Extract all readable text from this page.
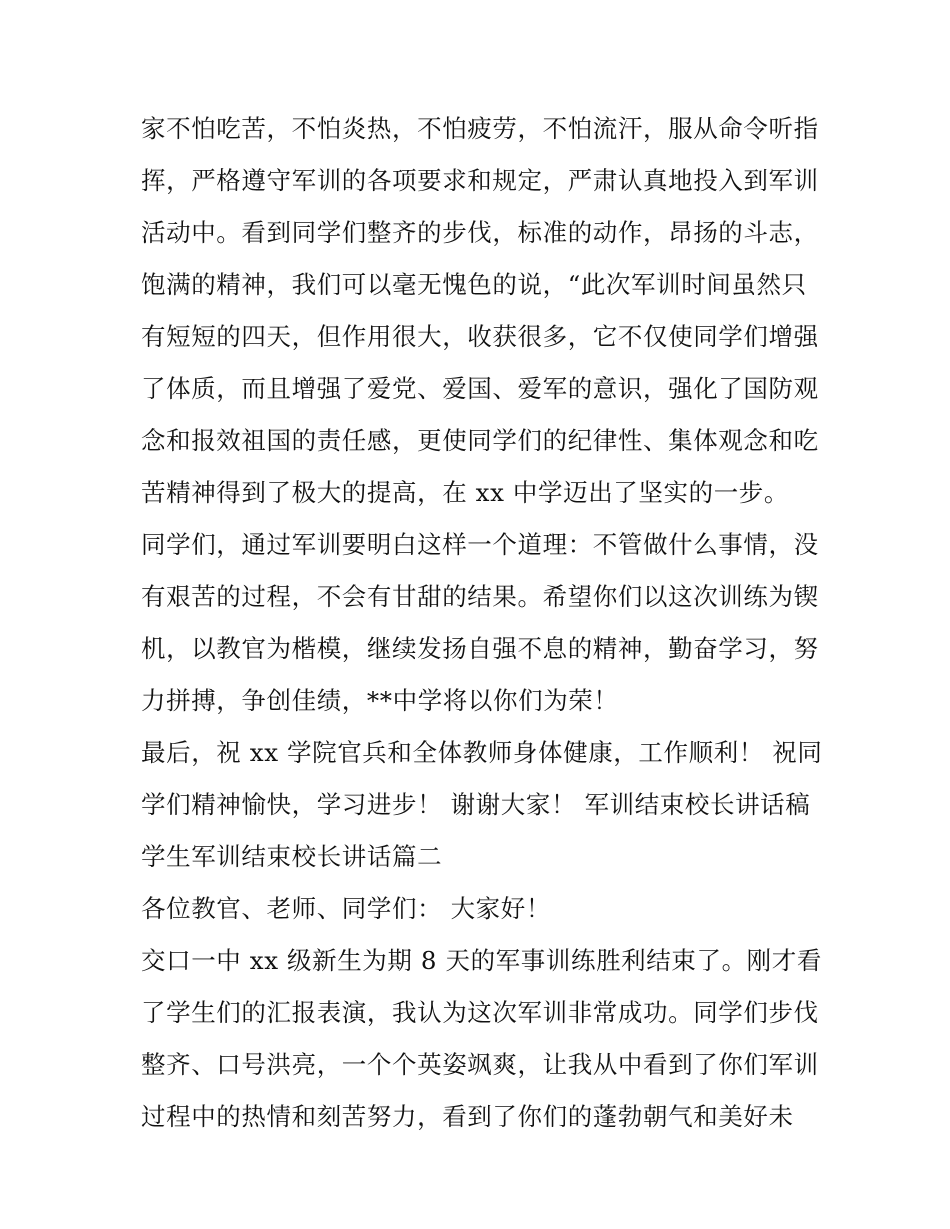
家不怕吃苦，不怕炎热，不怕疲劳，不怕流汗，服从命令听指
挥，严格遵守军训的各项要求和规定，严肃认真地投入到军训
活动中。看到同学们整齐的步伐，标准的动作，昂扬的斗志，
饱满的精神，我们可以毫无愧色的说，“此次军训时间虽然只
有短短的四天，但作用很大，收获很多，它不仅使同学们增强
了体质，而且增强了爱党、爱国、爱军的意识，强化了国防观
念和报效祖国的责任感，更使同学们的纪律性、集体观念和吃
苦精神得到了极大的提高，在 xx 中学迈出了坚实的一步。
同学们，通过军训要明白这样一个道理：不管做什么事情，没
有艰苦的过程，不会有甘甜的结果。希望你们以这次训练为锲
机，以教官为楷模，继续发扬自强不息的精神，勤奋学习，努
力拼搏，争创佳绩，**中学将以你们为荣！
最后，祝 xx 学院官兵和全体教师身体健康，工作顺利！ 祝同
学们精神愉快，学习进步！ 谢谢大家！ 军训结束校长讲话稿
学生军训结束校长讲话篇二
各位教官、老师、同学们： 大家好！
交口一中 xx 级新生为期 8 天的军事训练胜利结束了。刚才看
了学生们的汇报表演，我认为这次军训非常成功。同学们步伐
整齐、口号洪亮，一个个英姿飒爽，让我从中看到了你们军训
过程中的热情和刻苦努力，看到了你们的蓬勃朝气和美好未
